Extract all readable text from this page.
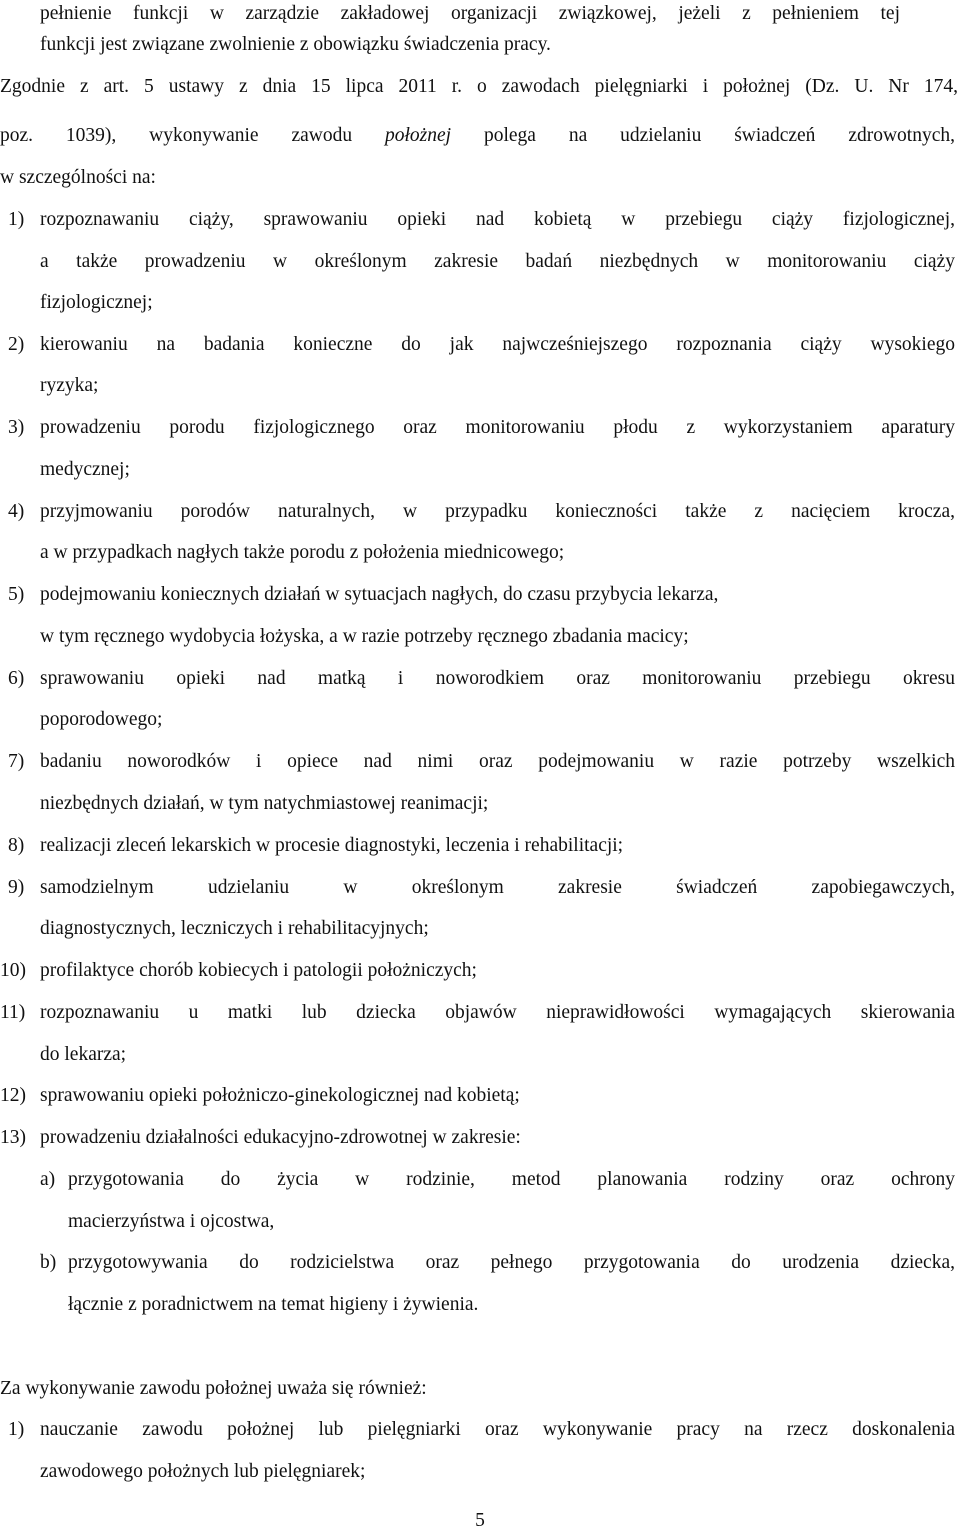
pełnienie funkcji w zarządzie zakładowej organizacji związkowej, jeżeli z pełnieniem tej
funkcji jest związane zwolnienie z obowiązku świadczenia pracy.
Zgodnie z art. 5 ustawy z dnia 15 lipca 2011 r. o zawodach pielęgniarki i położnej (Dz. U. Nr 174,
poz. 1039), wykonywanie zawodu położnej polega na udzielaniu świadczeń zdrowotnych,
w szczególności na:
1) rozpoznawaniu ciąży, sprawowaniu opieki nad kobietą w przebiegu ciąży fizjologicznej,
a także prowadzeniu w określonym zakresie badań niezbędnych w monitorowaniu ciąży
fizjologicznej;
2) kierowaniu na badania konieczne do jak najwcześniejszego rozpoznania ciąży wysokiego
ryzyka;
3) prowadzeniu porodu fizjologicznego oraz monitorowaniu płodu z wykorzystaniem aparatury
medycznej;
4) przyjmowaniu porodów naturalnych, w przypadku konieczności także z nacięciem krocza,
a w przypadkach nagłych także porodu z położenia miednicowego;
5) podejmowaniu koniecznych działań w sytuacjach nagłych, do czasu przybycia lekarza,
w tym ręcznego wydobycia łożyska, a w razie potrzeby ręcznego zbadania macicy;
6) sprawowaniu opieki nad matką i noworodkiem oraz monitorowaniu przebiegu okresu
poporodowego;
7) badaniu noworodków i opiece nad nimi oraz podejmowaniu w razie potrzeby wszelkich
niezbędnych działań, w tym natychmiastowej reanimacji;
8) realizacji zleceń lekarskich w procesie diagnostyki, leczenia i rehabilitacji;
9) samodzielnym udzielaniu w określonym zakresie świadczeń zapobiegawczych,
diagnostycznych, leczniczych i rehabilitacyjnych;
10) profilaktyce chorób kobiecych i patologii położniczych;
11) rozpoznawaniu u matki lub dziecka objawów nieprawidłowości wymagających skierowania
do lekarza;
12) sprawowaniu opieki położniczo-ginekologicznej nad kobietą;
13) prowadzeniu działalności edukacyjno-zdrowotnej w zakresie:
a) przygotowania do życia w rodzinie, metod planowania rodziny oraz ochrony
macierzyństwa i ojcostwa,
b) przygotowywania do rodzicielstwa oraz pełnego przygotowania do urodzenia dziecka,
łącznie z poradnictwem na temat higieny i żywienia.
Za wykonywanie zawodu położnej uważa się również:
1) nauczanie zawodu położnej lub pielęgniarki oraz wykonywanie pracy na rzecz doskonalenia
zawodowego położnych lub pielęgniarek;
5
